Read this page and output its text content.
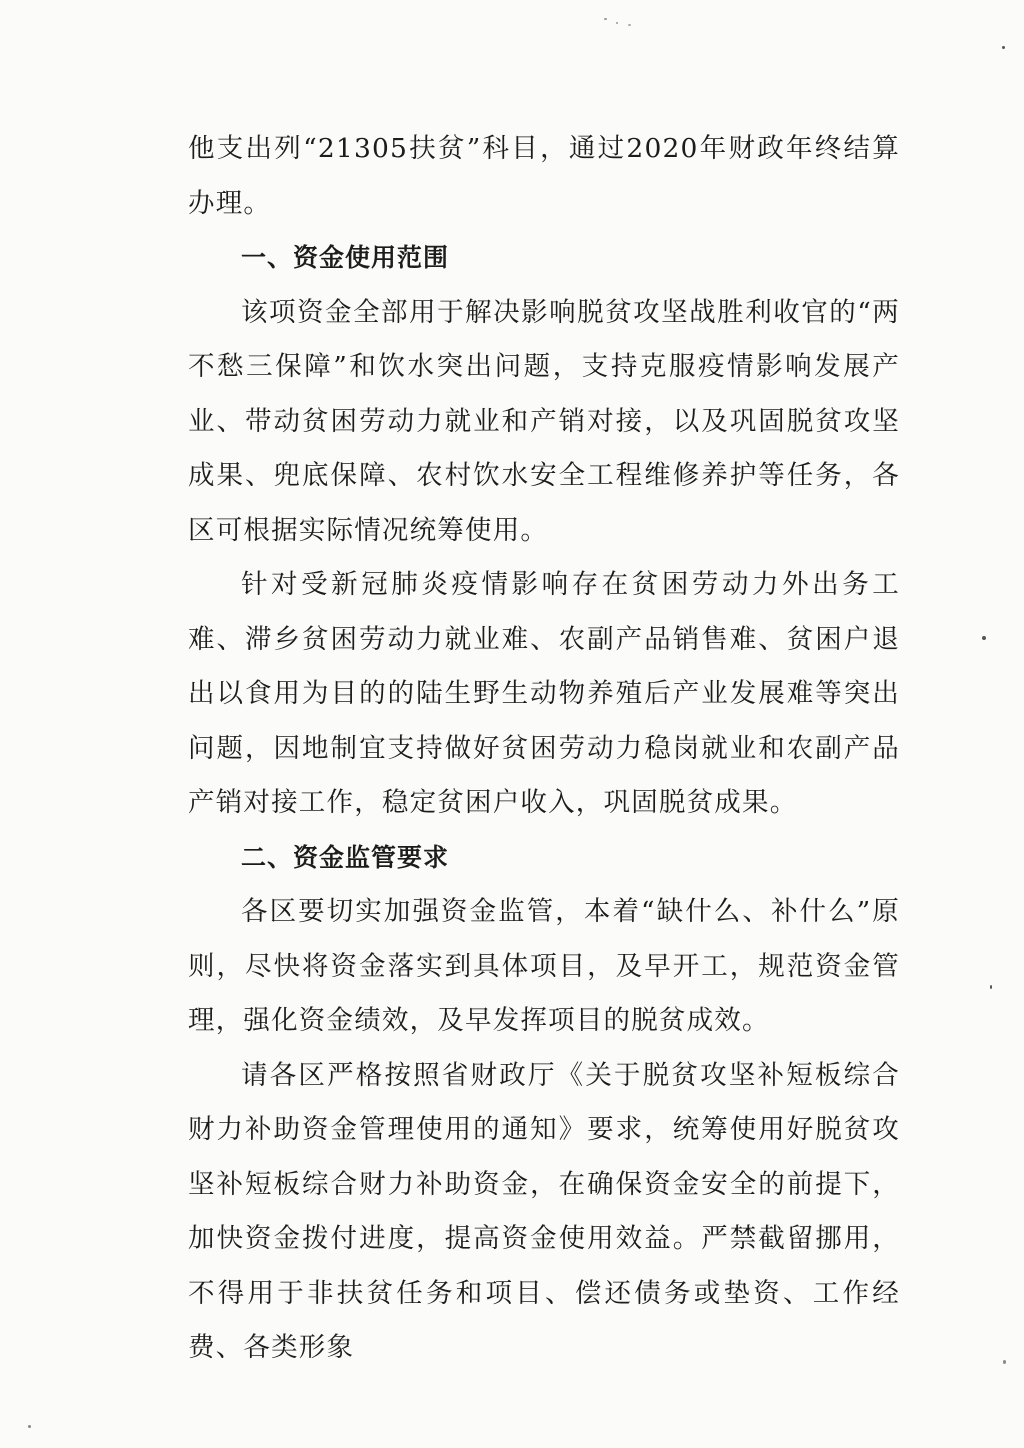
他支出列“21305扶贫”科目，通过2020年财政年终结算办理。

一、资金使用范围

该项资金全部用于解决影响脱贫攻坚战胜利收官的“两不愁三保障”和饮水突出问题，支持克服疫情影响发展产业、带动贫困劳动力就业和产销对接，以及巩固脱贫攻坚成果、兜底保障、农村饮水安全工程维修养护等任务，各区可根据实际情况统筹使用。

针对受新冠肺炎疫情影响存在贫困劳动力外出务工难、滞乡贫困劳动力就业难、农副产品销售难、贫困户退出以食用为目的的陆生野生动物养殖后产业发展难等突出问题，因地制宜支持做好贫困劳动力稳岗就业和农副产品产销对接工作，稳定贫困户收入，巩固脱贫成果。

二、资金监管要求

各区要切实加强资金监管，本着“缺什么、补什么”原则，尽快将资金落实到具体项目，及早开工，规范资金管理，强化资金绩效，及早发挥项目的脱贫成效。

请各区严格按照省财政厅《关于脱贫攻坚补短板综合财力补助资金管理使用的通知》要求，统筹使用好脱贫攻坚补短板综合财力补助资金，在确保资金安全的前提下，加快资金拨付进度，提高资金使用效益。严禁截留挪用，不得用于非扶贫任务和项目、偿还债务或垫资、工作经费、各类形象
